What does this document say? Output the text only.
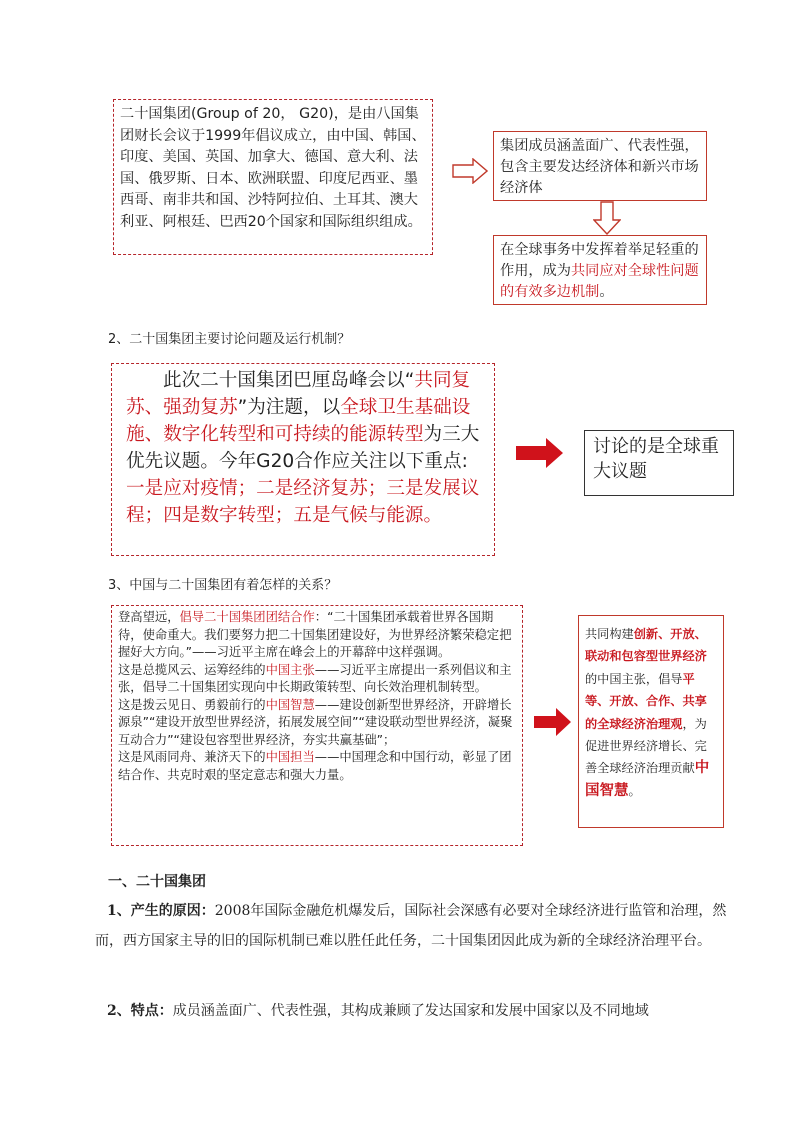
二十国集团(Group of 20， G20)，是由八国集团财长会议于1999年倡议成立，由中国、韩国、印度、美国、英国、加拿大、德国、意大利、法国、俄罗斯、日本、欧洲联盟、印度尼西亚、墨西哥、南非共和国、沙特阿拉伯、土耳其、澳大利亚、阿根廷、巴西20个国家和国际组织组成。
集团成员涵盖面广、代表性强，包含主要发达经济体和新兴市场经济体
在全球事务中发挥着举足轻重的作用，成为共同应对全球性问题的有效多边机制。
2、二十国集团主要讨论问题及运行机制？
此次二十国集团巴厘岛峰会以“共同复苏、强劲复苏”为注题，以全球卫生基础设施、数字化转型和可持续的能源转型为三大优先议题。今年G20合作应关注以下重点:一是应对疫情；二是经济复苏；三是发展议程；四是数字转型；五是气候与能源。
讨论的是全球重大议题
3、中国与二十国集团有着怎样的关系？
登高望远，倡导二十国集团团结合作：“二十国集团承载着世界各国期待，使命重大。我们要努力把二十国集团建设好，为世界经济繁荣稳定把握好大方向。”——习近平主席在峰会上的开幕辞中这样强调。
这是总揽风云、运筹经纬的中国主张——习近平主席提出一系列倡议和主张，倡导二十国集团实现向中长期政策转型、向长效治理机制转型。
这是拨云见日、勇毅前行的中国智慧——建设创新型世界经济，开辟增长源泉”“建设开放型世界经济，拓展发展空间”“建设联动型世界经济，凝聚互动合力”“建设包容型世界经济，夯实共赢基础”；
这是风雨同舟、兼济天下的中国担当——中国理念和中国行动，彰显了团结合作、共克时艰的坚定意志和强大力量。
共同构建创新、开放、联动和包容型世界经济的中国主张，倡导平等、开放、合作、共享的全球经济治理观，为促进世界经济增长、完善全球经济治理贡献中国智慧。
一、二十国集团
1、产生的原因：2008年国际金融危机爆发后，国际社会深感有必要对全球经济进行监管和治理，然而，西方国家主导的旧的国际机制已难以胜任此任务，二十国集团因此成为新的全球经济治理平台。
2、特点：成员涵盖面广、代表性强，其构成兼顾了发达国家和发展中国家以及不同地域
